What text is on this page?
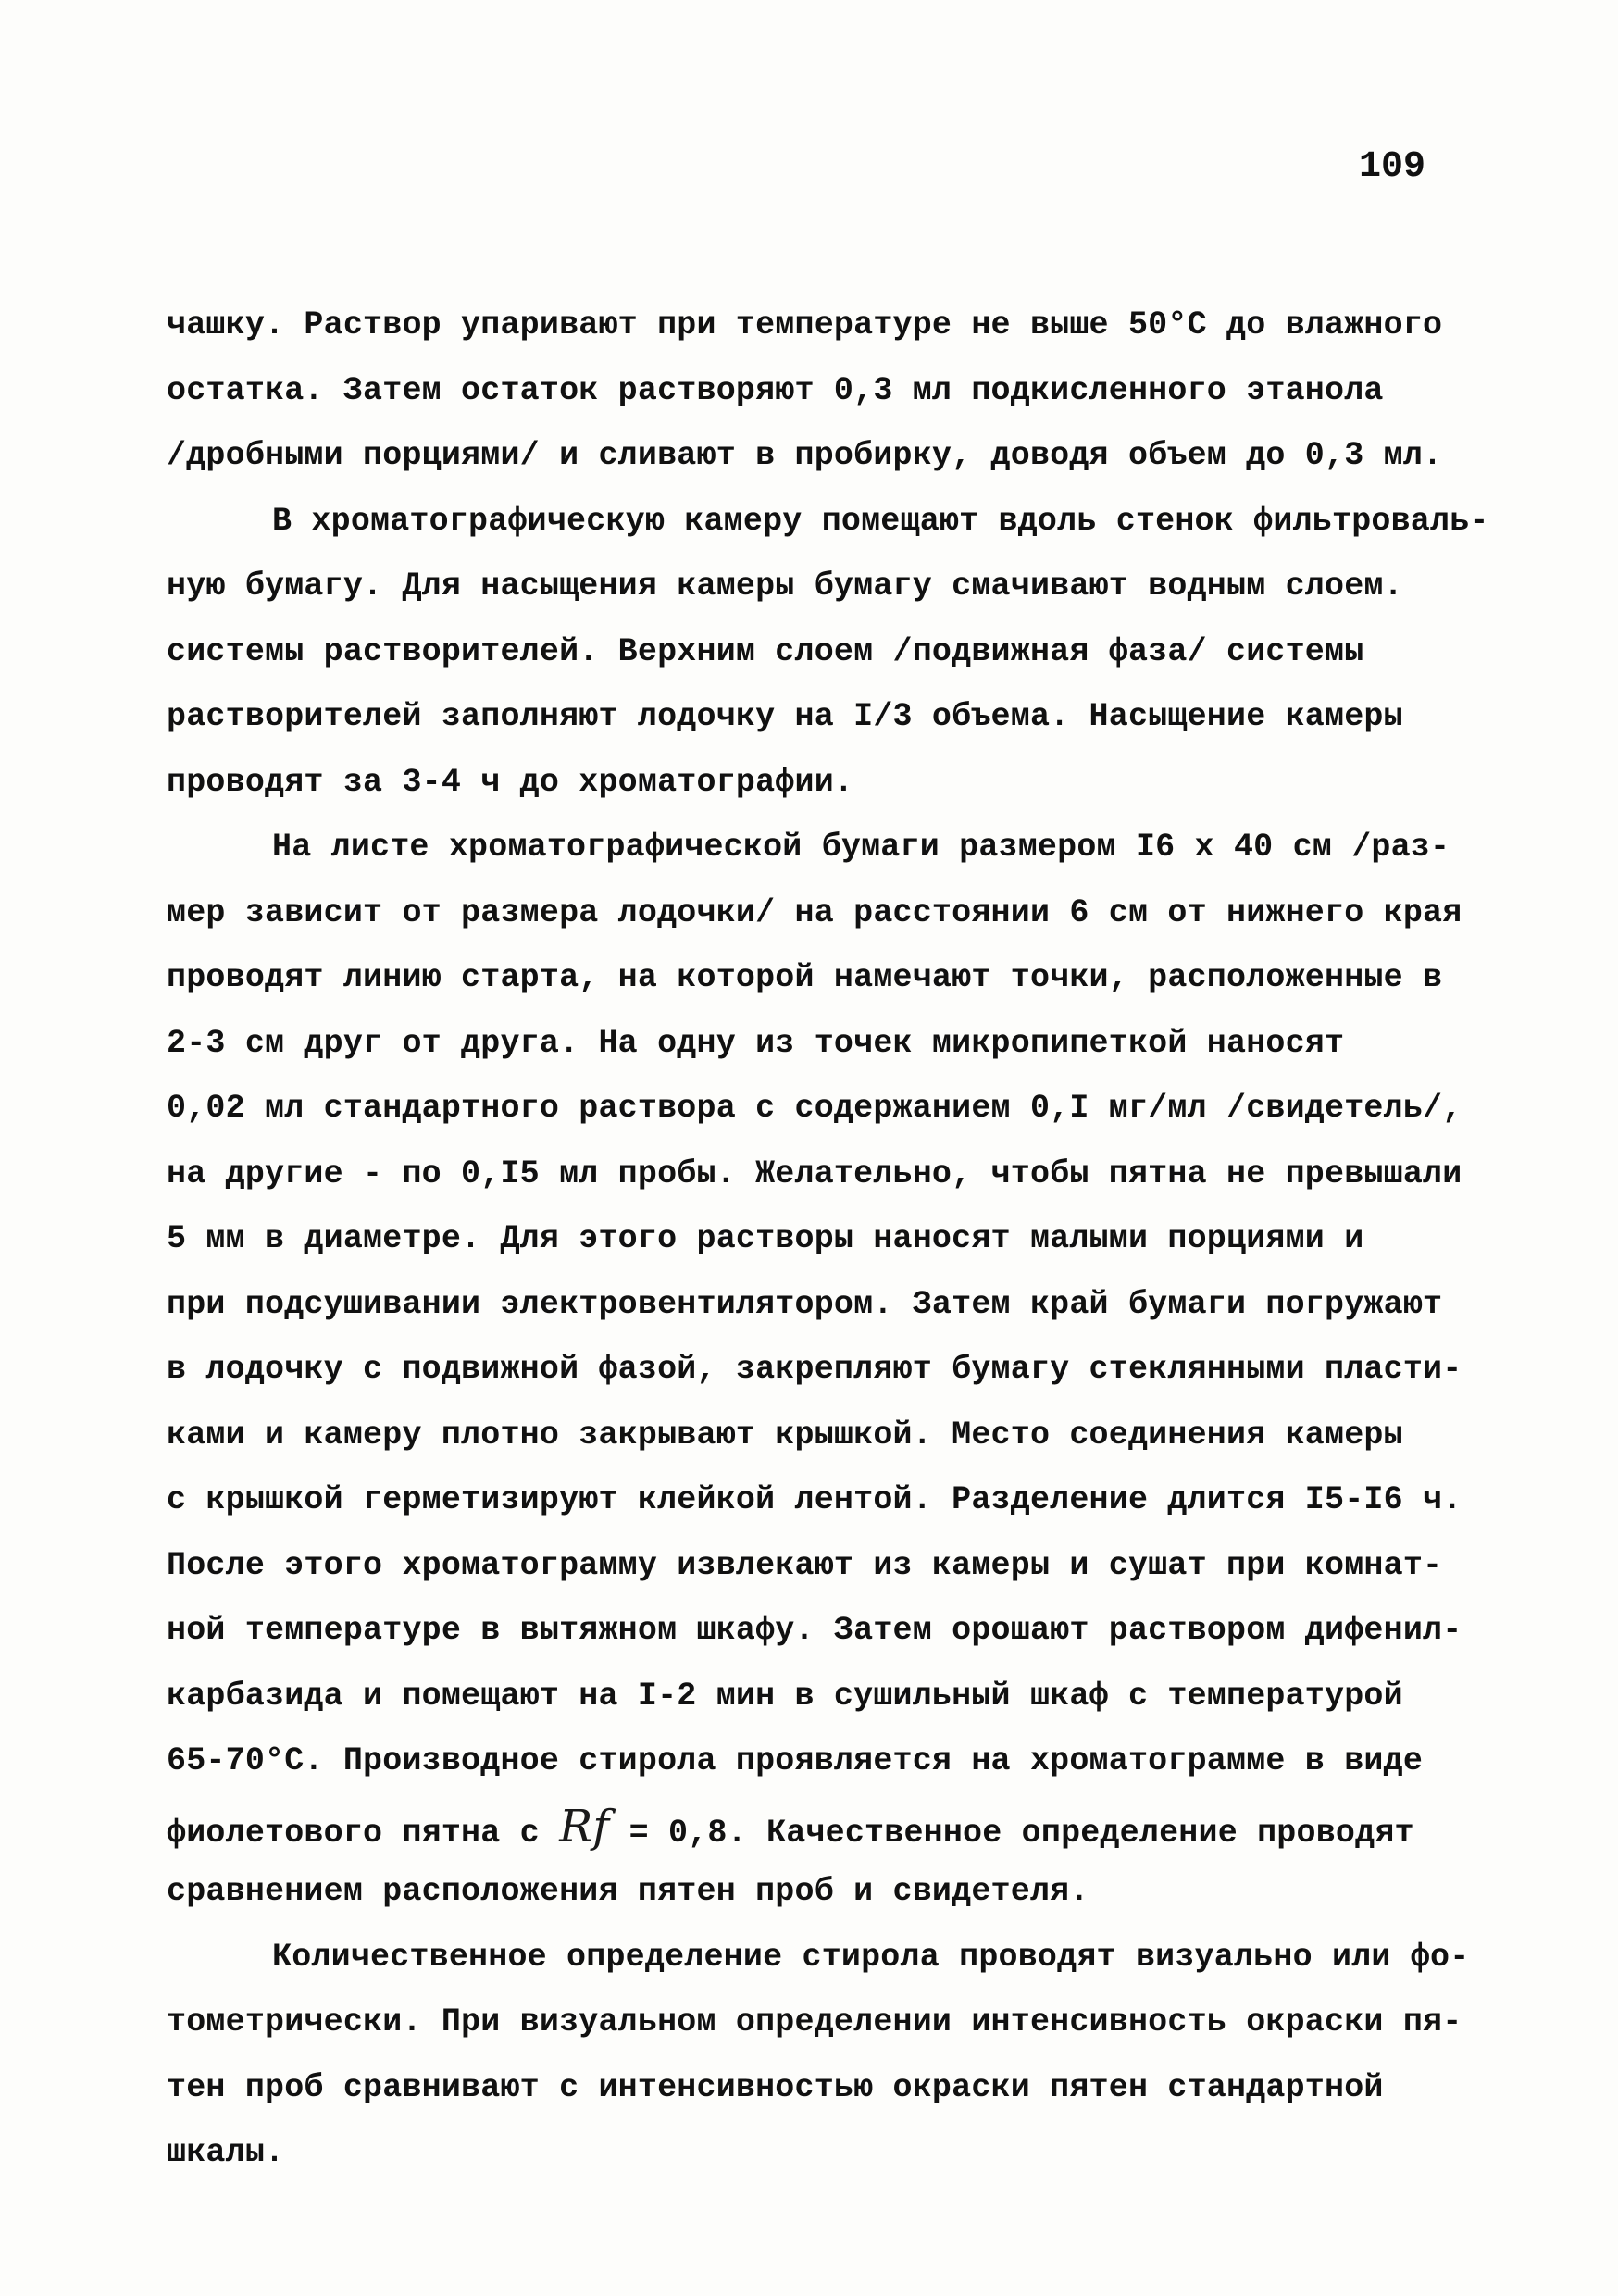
109
чашку. Раствор упаривают при температуре не выше 50°С до влажного
остатка. Затем остаток растворяют 0,3 мл подкисленного этанола
/дробными порциями/ и сливают в пробирку, доводя объем до 0,3 мл.
В хроматографическую камеру помещают вдоль стенок фильтроваль-
ную бумагу. Для насыщения камеры бумагу смачивают водным слоем.
системы растворителей. Верхним слоем /подвижная фаза/ системы
растворителей заполняют лодочку на I/3 объема. Насыщение камеры
проводят за 3-4 ч до хроматографии.
На листе хроматографической бумаги размером I6 х 40 см /раз-
мер зависит от размера лодочки/ на расстоянии 6 см от нижнего края
проводят линию старта, на которой намечают точки, расположенные в
2-3 см друг от друга. На одну из точек микропипеткой наносят
0,02 мл стандартного раствора с содержанием 0,I мг/мл /свидетель/,
на другие - по 0,I5 мл пробы. Желательно, чтобы пятна не превышали
5 мм в диаметре. Для этого растворы наносят малыми порциями и
при подсушивании электровентилятором. Затем край бумаги погружают
в лодочку с подвижной фазой, закрепляют бумагу стеклянными пласти-
ками и камеру плотно закрывают крышкой. Место соединения камеры
с крышкой герметизируют клейкой лентой. Разделение длится I5-I6 ч.
После этого хроматограмму извлекают из камеры и сушат при комнат-
ной температуре в вытяжном шкафу. Затем орошают раствором дифенил-
карбазида и помещают на I-2 мин в сушильный шкаф с температурой
65-70°С. Производное стирола проявляется на хроматограмме в виде
фиолетового пятна с Rf = 0,8. Качественное определение проводят
сравнением расположения пятен проб и свидетеля.
Количественное определение стирола проводят визуально или фо-
тометрически. При визуальном определении интенсивность окраски пя-
тен проб сравнивают с интенсивностью окраски пятен стандартной
шкалы.
